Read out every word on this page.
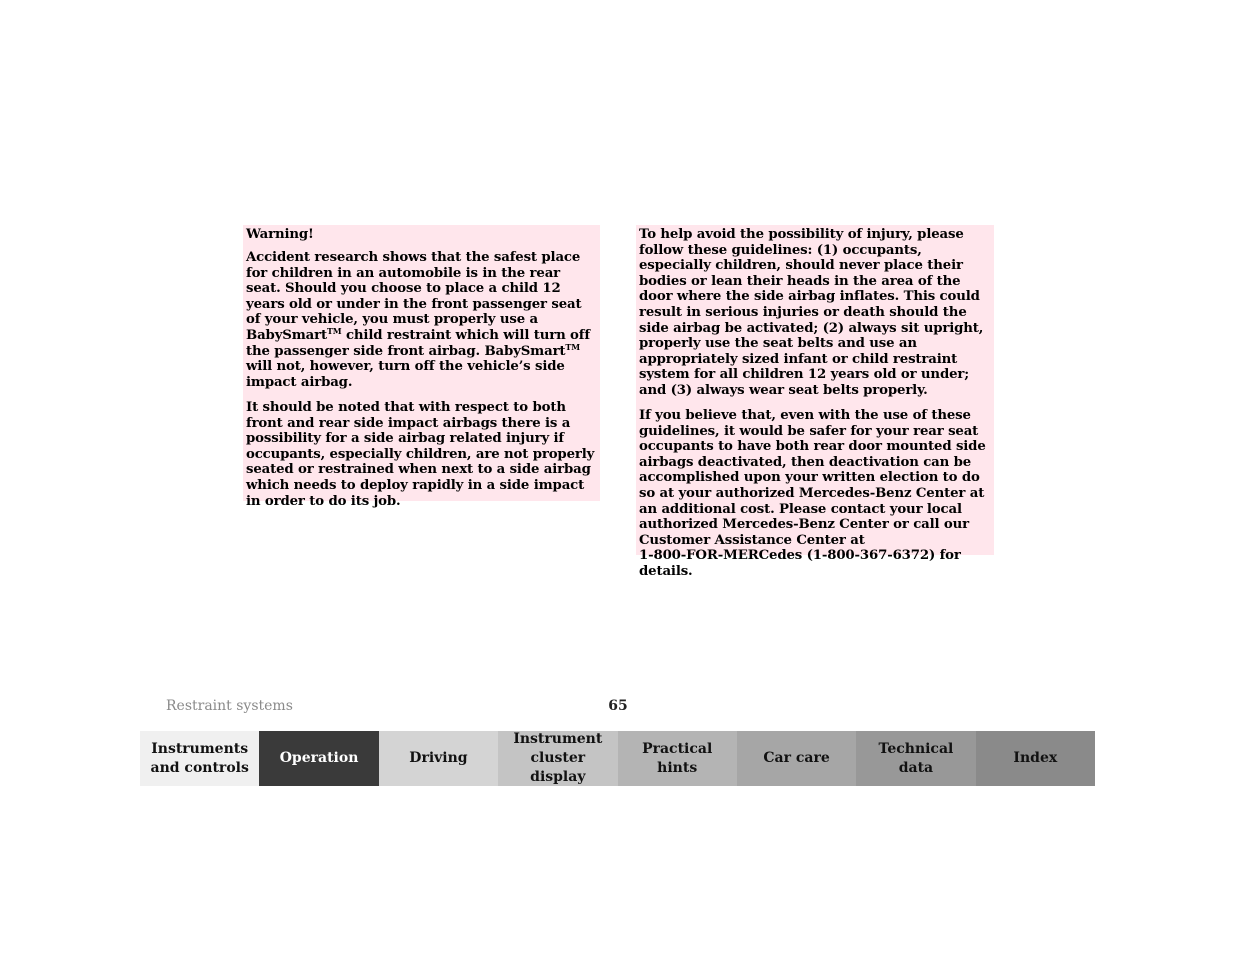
Warning!

Accident research shows that the safest place for children in an automobile is in the rear seat. Should you choose to place a child 12 years old or under in the front passenger seat of your vehicle, you must properly use a BabySmart™ child restraint which will turn off the passenger side front airbag. BabySmart™ will not, however, turn off the vehicle’s side impact airbag.

It should be noted that with respect to both front and rear side impact airbags there is a possibility for a side airbag related injury if occupants, especially children, are not properly seated or restrained when next to a side airbag which needs to deploy rapidly in a side impact in order to do its job.

To help avoid the possibility of injury, please follow these guidelines: (1) occupants, especially children, should never place their bodies or lean their heads in the area of the door where the side airbag inflates. This could result in serious injuries or death should the side airbag be activated; (2) always sit upright, properly use the seat belts and use an appropriately sized infant or child restraint system for all children 12 years old or under; and (3) always wear seat belts properly.

If you believe that, even with the use of these guidelines, it would be safer for your rear seat occupants to have both rear door mounted side airbags deactivated, then deactivation can be accomplished upon your written election to do so at your authorized Mercedes-Benz Center at an additional cost. Please contact your local authorized Mercedes-Benz Center or call our Customer Assistance Center at
1-800-FOR-MERCedes (1-800-367-6372) for details.

Restraint systems	65
Instruments
and controls
Operation	Driving
Instrument
cluster display
Practical hints
Car care
Technical
data
Index
